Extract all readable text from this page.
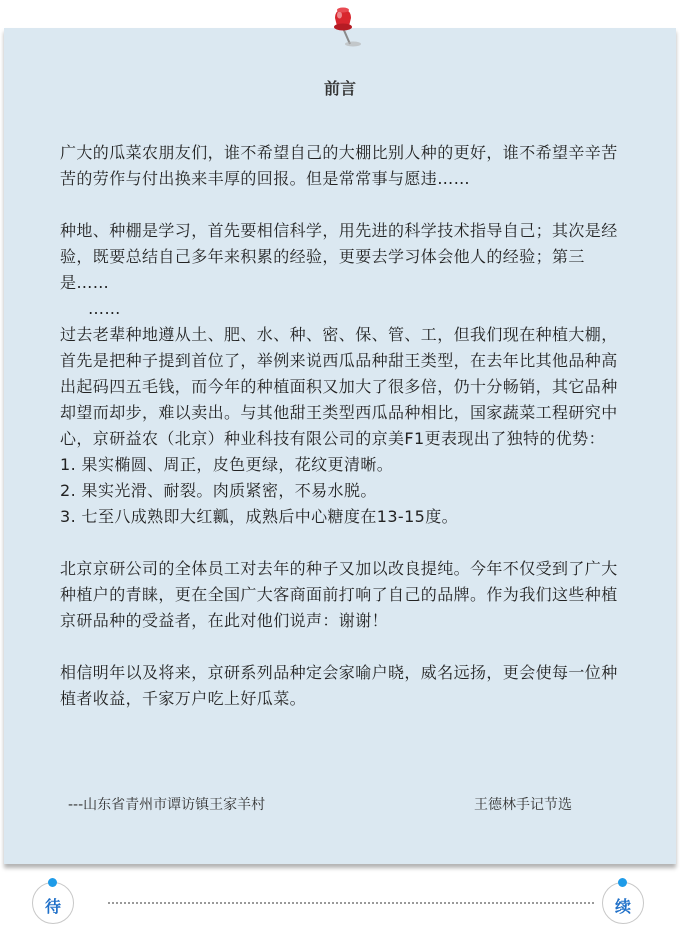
前言

广大的瓜菜农朋友们，谁不希望自己的大棚比别人种的更好，谁不希望辛辛苦苦的劳作与付出换来丰厚的回报。但是常常事与愿违……

种地、种棚是学习，首先要相信科学，用先进的科学技术指导自己；其次是经验，既要总结自己多年来积累的经验，更要去学习体会他人的经验；第三是……

……

过去老辈种地遵从土、肥、水、种、密、保、管、工，但我们现在种植大棚，首先是把种子提到首位了，举例来说西瓜品种甜王类型，在去年比其他品种高出起码四五毛钱，而今年的种植面积又加大了很多倍，仍十分畅销，其它品种却望而却步，难以卖出。与其他甜王类型西瓜品种相比，国家蔬菜工程研究中心，京研益农（北京）种业科技有限公司的京美F1更表现出了独特的优势：

1. 果实椭圆、周正，皮色更绿，花纹更清晰。

2. 果实光滑、耐裂。肉质紧密，不易水脱。

3. 七至八成熟即大红瓤，成熟后中心糖度在13-15度。

北京京研公司的全体员工对去年的种子又加以改良提纯。今年不仅受到了广大种植户的青睐，更在全国广大客商面前打响了自己的品牌。作为我们这些种植京研品种的受益者，在此对他们说声：谢谢！

相信明年以及将来，京研系列品种定会家喻户晓，威名远扬，更会使每一位种植者收益，千家万户吃上好瓜菜。

---山东省青州市谭访镇王家羊村	王德林手记节选
待	续
